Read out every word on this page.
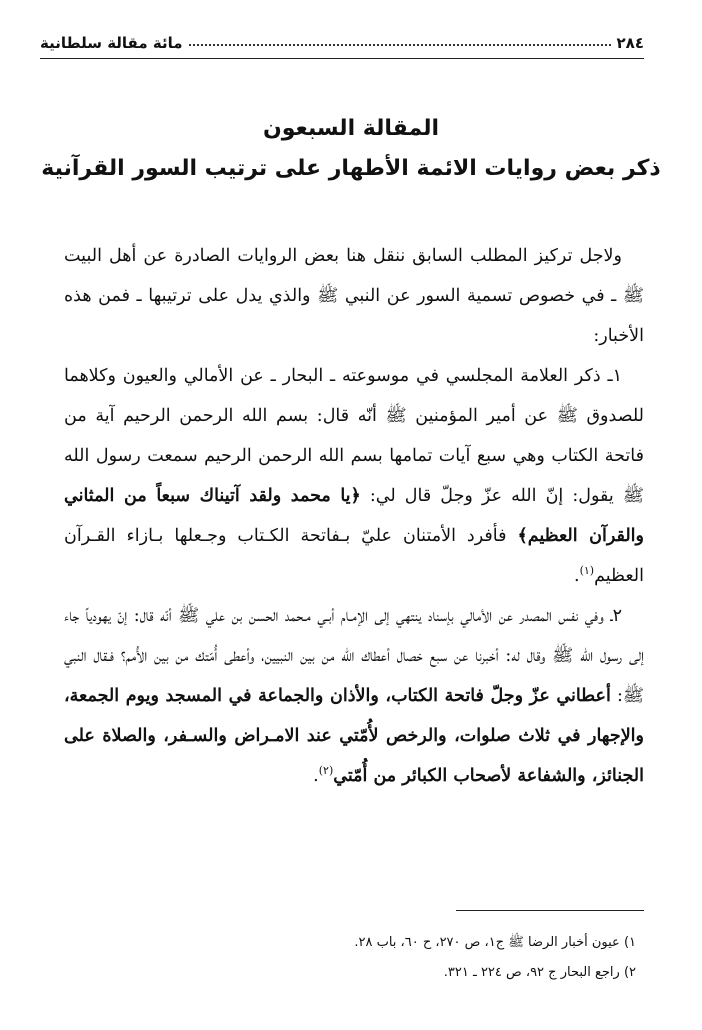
٢٨٤
مائة مقالة سلطانية
المقالة السبعون
ذكر بعض روايات الائمة الأطهار على ترتيب السور القرآنية

ولاجل تركيز المطلب السابق ننقل هنا بعض الروايات الصادرة عن أهل البيت ﷺ ـ في خصوص تسمية السور عن النبي ﷺ والذي يدل على ترتيبها ـ فمن هذه الأخبار:

١ـ ذكر العلامة المجلسي في موسوعته ـ البحار ـ عن الأمالي والعيون وكلاهما للصدوق ﷺ عن أمير المؤمنين ﷺ أنّه قال: بسم الله الرحمن الرحيم آية من فاتحة الكتاب وهي سبع آيات تمامها بسم الله الرحمن الرحيم سمعت رسول الله ﷺ يقول: إنّ الله عزّ وجلّ قال لي: ﴿يا محمد ولقد آتيناك سبعاً من المثاني والقرآن العظيم﴾ فأفرد الأمتنان عليّ بـفاتحة الكـتاب وجـعلها بـازاء القـرآن العظيم$^{(١)}$.

٢ـ وفي نفس المصدر عن الأمالي بإسناد ينتهي إلى الإمـام أبـي مـحمد الحسن بن علي ﷺ أنّه قال: إنّ يهودياً جاء إلى رسول الله ﷺ وقال له: أخبرنا عن سبع خصال أعطاك الله من بين النبيين، وأعطى أُمّتك من بين الأُمم؟ فـقال النبي ﷺ: أعطاني عزّ وجلّ فاتحة الكتاب، والأذان والجماعة في المسجد ويوم الجمعة، والإجهار في ثلاث صلوات، والرخص لأُمّتي عند الامـراض والسـفر، والصلاة على الجنائز، والشفاعة لأصحاب الكبائر من أُمّتي$^{(٢)}$.

١) عيون أخبار الرضا ﷺ ج١، ص ٢٧٠، ح ٦٠، باب ٢٨.
٢) راجع البحار ج ٩٢، ص ٢٢٤ ـ ٣٢١.
